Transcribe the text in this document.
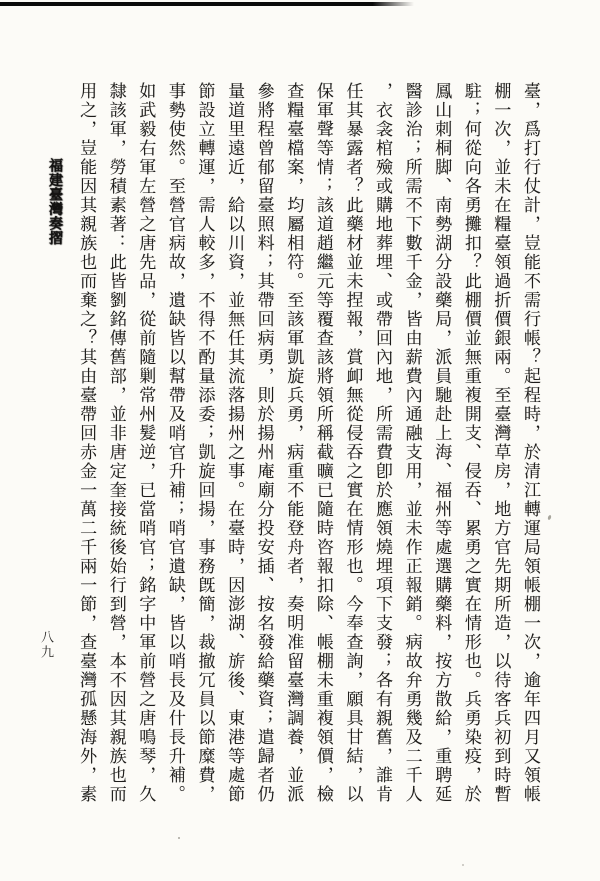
臺，爲打行仗計，豈能不需行帳？起程時，於清江轉運局領帳棚一次，逾年四月又領帳
棚一次，並未在糧臺領過折價銀兩。至臺灣草房，地方官先期所造，以待客兵初到時暫
駐；何從向各勇攤扣？此棚價並無重複開支、侵吞、累勇之實在情形也。兵勇染疫，於
鳳山刺桐脚、南勢湖分設藥局，派員馳赴上海、福州等處選購藥料，按方散給，重聘延
醫診治；所需不下數千金，皆由薪費內通融支用，並未作正報銷。病故弁勇幾及二千人
，衣衾棺殮或購地葬埋、或帶回內地，所需費卽於應領燒埋項下支發；各有親舊，誰肯
任其暴露者？此藥材並未捏報，賞卹無從侵吞之實在情形也。今奉查詢，願具甘結，以
保軍聲等情；該道趙繼元等覆查該將領所稱截曠已隨時咨報扣除、帳棚未重複領價，檢
查糧臺檔案，均屬相符。至該軍凱旋兵勇，病重不能登舟者，奏明准留臺灣調養，並派
參將程曾郁留臺照料；其帶回病勇，則於揚州庵廟分投安插、按名發給藥資；遣歸者仍
量道里遠近，給以川資，並無任其流落揚州之事。在臺時，因澎湖、旂後、東港等處節
節設立轉運，需人較多，不得不酌量添委；凱旋回揚，事務旣簡，裁撤冗員以節糜費，
事勢使然。至營官病故，遺缺皆以幫帶及哨官升補；哨官遺缺，皆以哨長及什長升補。
如武毅右軍左營之唐先品，從前隨剿常州髮逆，已當哨官；銘字中軍前營之唐鳴琴，久
隸該軍，勞積素著：此皆劉銘傳舊部，並非唐定奎接統後始行到營，本不因其親族也而
用之，豈能因其親族也而棄之？其由臺帶回赤金一萬二千兩一節，查臺灣孤懸海外，素
福建臺灣奏摺
八九
